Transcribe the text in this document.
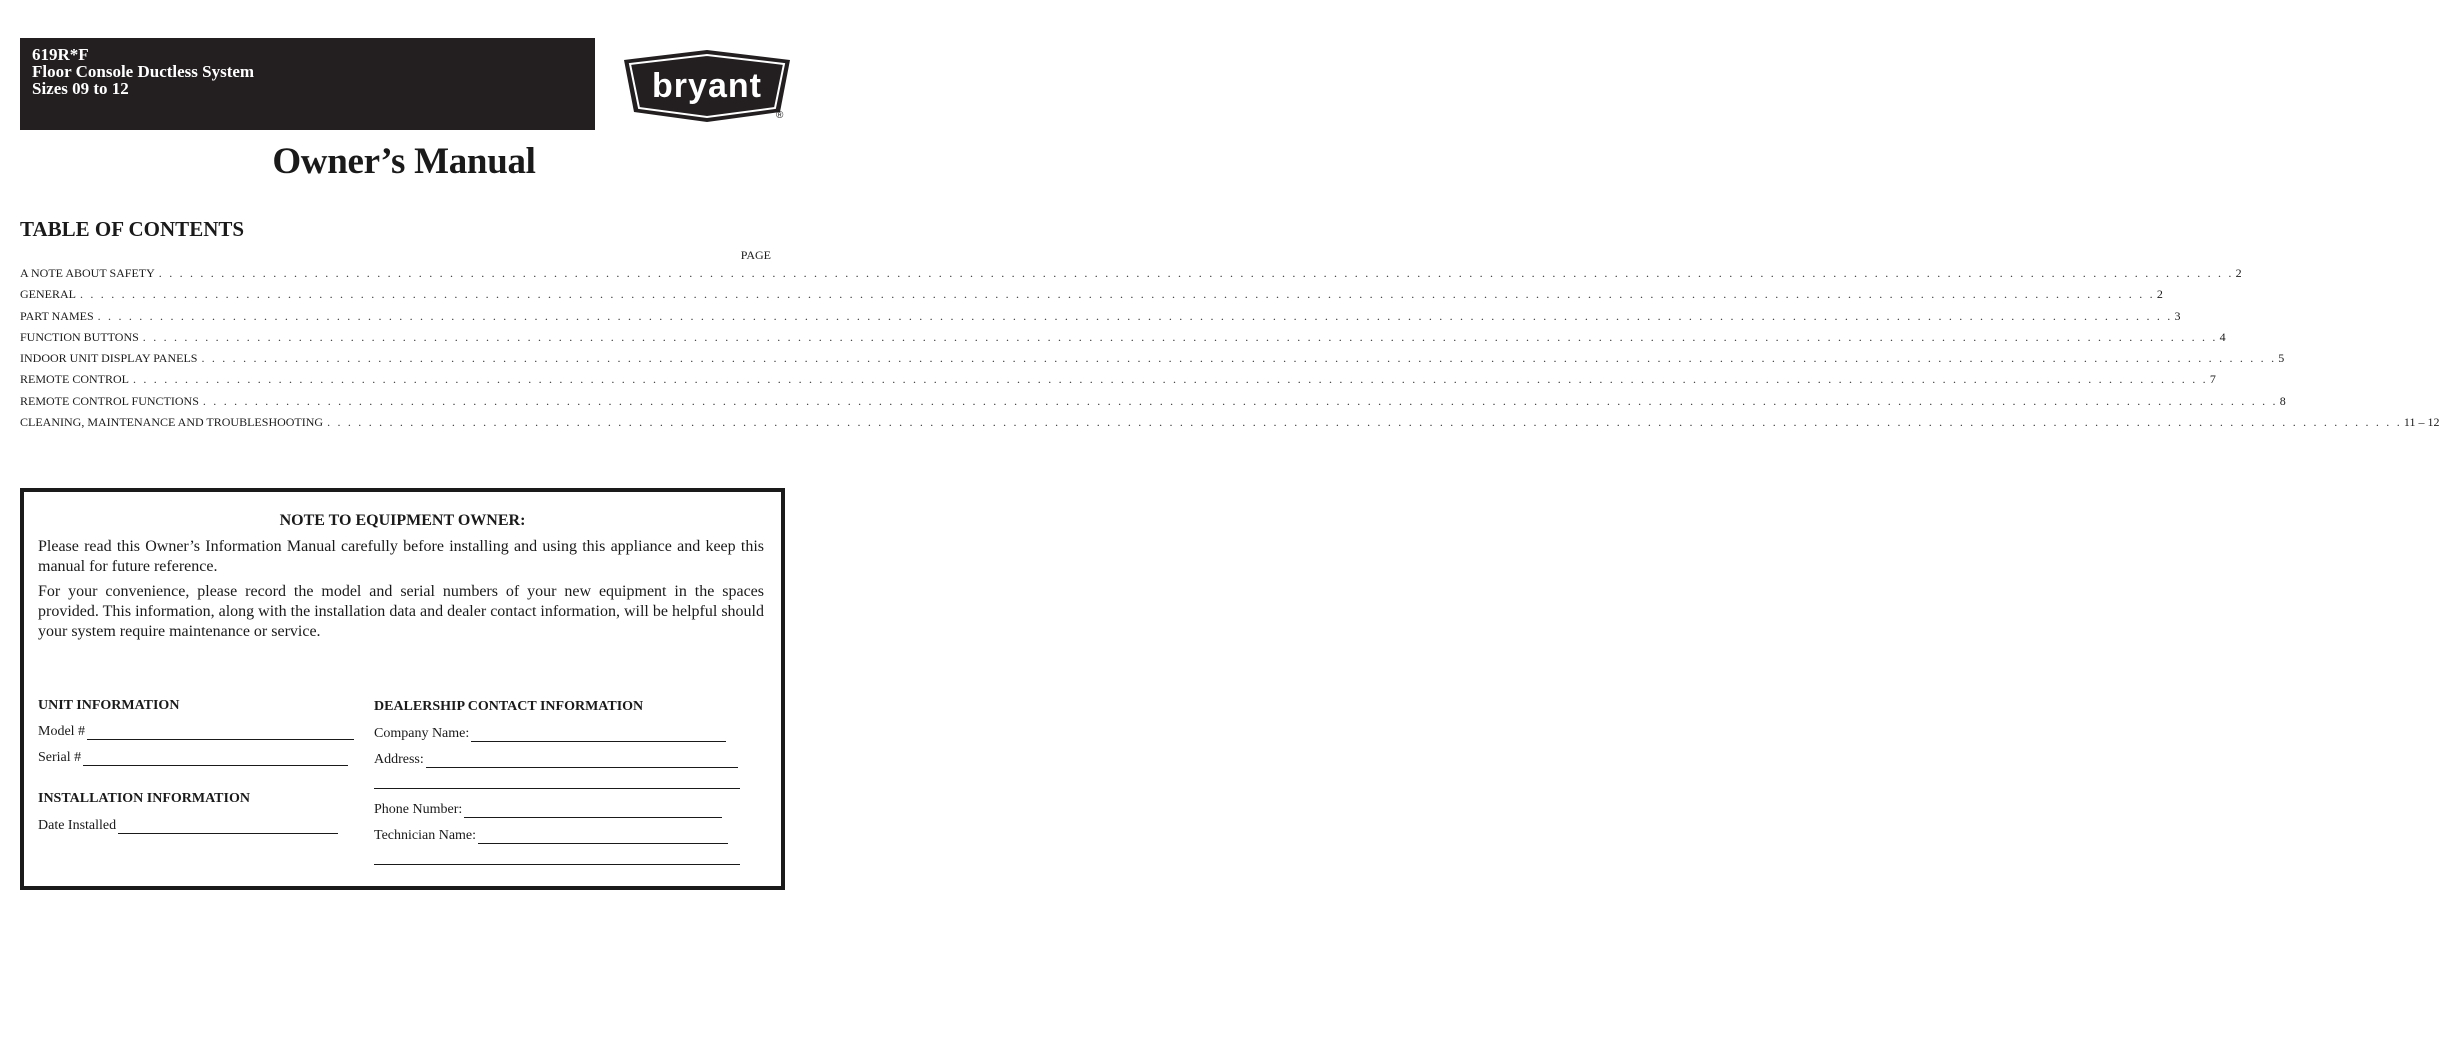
619R*F
Floor Console Ductless System
Sizes 09 to 12	bryant
®
Owner’s Manual
TABLE OF CONTENTS
PAGE
A NOTE ABOUT SAFETY . . . . . . . . . . . . . . . . . . . . . . . . . . . . . . . . . . . . . . . . . . . . . . . . . . . . . . . . . . . . . . . . . . . . . . . . . . . . . . . . . . . . . . . . . . . . . . . . . . . . . . . . . . . . . . . . . . . . . . . . . . . . . . . . . . . . . . . . . . . . . . . . . . . . . . . . . . . . . . . . . . . . . . . . . . . . . . . . . . . . . . . . . . . . . . . . . . . . . . . . 2
GENERAL . . . . . . . . . . . . . . . . . . . . . . . . . . . . . . . . . . . . . . . . . . . . . . . . . . . . . . . . . . . . . . . . . . . . . . . . . . . . . . . . . . . . . . . . . . . . . . . . . . . . . . . . . . . . . . . . . . . . . . . . . . . . . . . . . . . . . . . . . . . . . . . . . . . . . . . . . . . . . . . . . . . . . . . . . . . . . . . . . . . . . . . . . . . . . . . . . . . . . . . . 2
PART NAMES . . . . . . . . . . . . . . . . . . . . . . . . . . . . . . . . . . . . . . . . . . . . . . . . . . . . . . . . . . . . . . . . . . . . . . . . . . . . . . . . . . . . . . . . . . . . . . . . . . . . . . . . . . . . . . . . . . . . . . . . . . . . . . . . . . . . . . . . . . . . . . . . . . . . . . . . . . . . . . . . . . . . . . . . . . . . . . . . . . . . . . . . . . . . . . . . . . . . . . . . 3
FUNCTION BUTTONS . . . . . . . . . . . . . . . . . . . . . . . . . . . . . . . . . . . . . . . . . . . . . . . . . . . . . . . . . . . . . . . . . . . . . . . . . . . . . . . . . . . . . . . . . . . . . . . . . . . . . . . . . . . . . . . . . . . . . . . . . . . . . . . . . . . . . . . . . . . . . . . . . . . . . . . . . . . . . . . . . . . . . . . . . . . . . . . . . . . . . . . . . . . . . . . . . . . . . . . . 4
INDOOR UNIT DISPLAY PANELS . . . . . . . . . . . . . . . . . . . . . . . . . . . . . . . . . . . . . . . . . . . . . . . . . . . . . . . . . . . . . . . . . . . . . . . . . . . . . . . . . . . . . . . . . . . . . . . . . . . . . . . . . . . . . . . . . . . . . . . . . . . . . . . . . . . . . . . . . . . . . . . . . . . . . . . . . . . . . . . . . . . . . . . . . . . . . . . . . . . . . . . . . . . . . . . . . . . . . . . . 5
REMOTE CONTROL . . . . . . . . . . . . . . . . . . . . . . . . . . . . . . . . . . . . . . . . . . . . . . . . . . . . . . . . . . . . . . . . . . . . . . . . . . . . . . . . . . . . . . . . . . . . . . . . . . . . . . . . . . . . . . . . . . . . . . . . . . . . . . . . . . . . . . . . . . . . . . . . . . . . . . . . . . . . . . . . . . . . . . . . . . . . . . . . . . . . . . . . . . . . . . . . . . . . . . . . 7
REMOTE CONTROL FUNCTIONS . . . . . . . . . . . . . . . . . . . . . . . . . . . . . . . . . . . . . . . . . . . . . . . . . . . . . . . . . . . . . . . . . . . . . . . . . . . . . . . . . . . . . . . . . . . . . . . . . . . . . . . . . . . . . . . . . . . . . . . . . . . . . . . . . . . . . . . . . . . . . . . . . . . . . . . . . . . . . . . . . . . . . . . . . . . . . . . . . . . . . . . . . . . . . . . . . . . . . . . . 8
CLEANING, MAINTENANCE AND TROUBLESHOOTING . . . . . . . . . . . . . . . . . . . . . . . . . . . . . . . . . . . . . . . . . . . . . . . . . . . . . . . . . . . . . . . . . . . . . . . . . . . . . . . . . . . . . . . . . . . . . . . . . . . . . . . . . . . . . . . . . . . . . . . . . . . . . . . . . . . . . . . . . . . . . . . . . . . . . . . . . . . . . . . . . . . . . . . . . . . . . . . . . . . . . . . . . . . . . . . . . . . . . . . . 11 – 12
NOTE TO EQUIPMENT OWNER:

Please read this Owner’s Information Manual carefully before installing and using this appliance and keep this manual for future reference.

For your convenience, please record the model and serial numbers of your new equipment in the spaces provided. This information, along with the installation data and dealer contact information, will be helpful should your system require maintenance or service.

UNIT INFORMATION
Model #
Serial #
INSTALLATION INFORMATION
Date Installed
DEALERSHIP CONTACT INFORMATION
Company Name:
Address:
Phone Number:
Technician Name:
